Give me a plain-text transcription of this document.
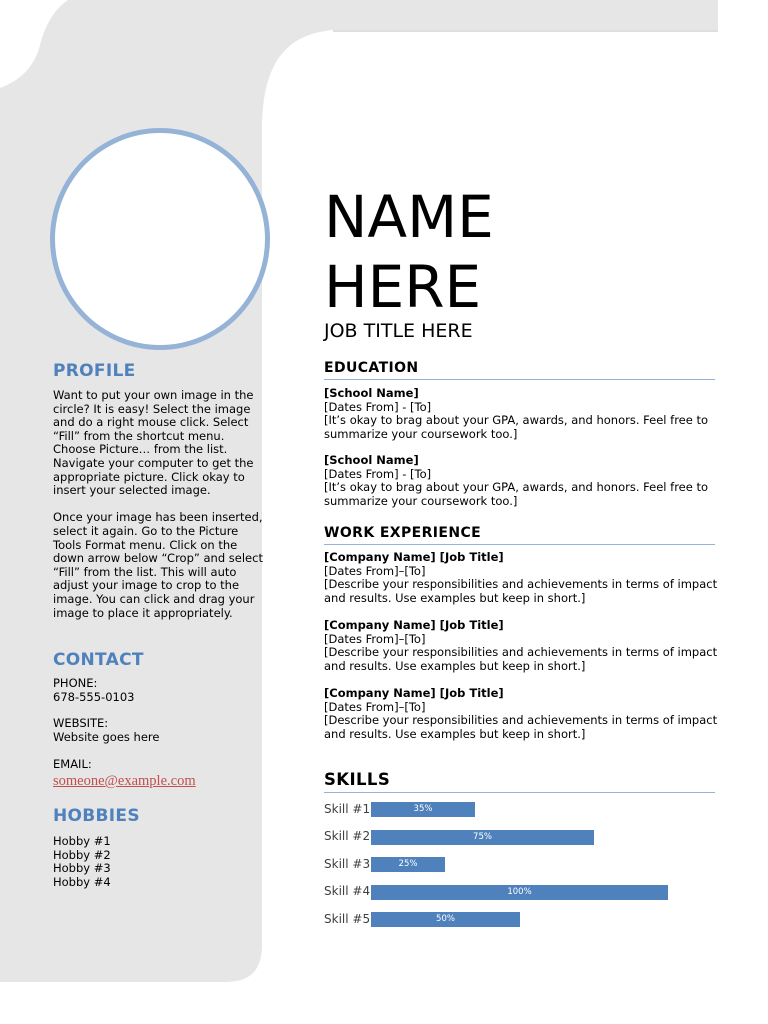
PROFILE
Want to put your own image in the
circle? It is easy! Select the image
and do a right mouse click. Select
“Fill” from the shortcut menu.
Choose Picture… from the list.
Navigate your computer to get the
appropriate picture. Click okay to
insert your selected image.

Once your image has been inserted,
select it again. Go to the Picture
Tools Format menu. Click on the
down arrow below “Crop” and select
“Fill” from the list. This will auto
adjust your image to crop to the
image. You can click and drag your
image to place it appropriately.
CONTACT
PHONE:
678-555-0103
WEBSITE:
Website goes here
EMAIL:
someone@example.com
HOBBIES
Hobby #1
Hobby #2
Hobby #3
Hobby #4
NAME
HERE
JOB TITLE HERE
EDUCATION
[School Name]
[Dates From] - [To]
[It’s okay to brag about your GPA, awards, and honors. Feel free to summarize your coursework too.]
[School Name]
[Dates From] - [To]
[It’s okay to brag about your GPA, awards, and honors. Feel free to summarize your coursework too.]
WORK EXPERIENCE
[Company Name] [Job Title]
[Dates From]–[To]
[Describe your responsibilities and achievements in terms of impact and results. Use examples but keep in short.]
[Company Name] [Job Title]
[Dates From]–[To]
[Describe your responsibilities and achievements in terms of impact and results. Use examples but keep in short.]
[Company Name] [Job Title]
[Dates From]–[To]
[Describe your responsibilities and achievements in terms of impact and results. Use examples but keep in short.]
SKILLS
Skill #1	35%
Skill #2	75%
Skill #3	25%
Skill #4	100%
Skill #5	50%
